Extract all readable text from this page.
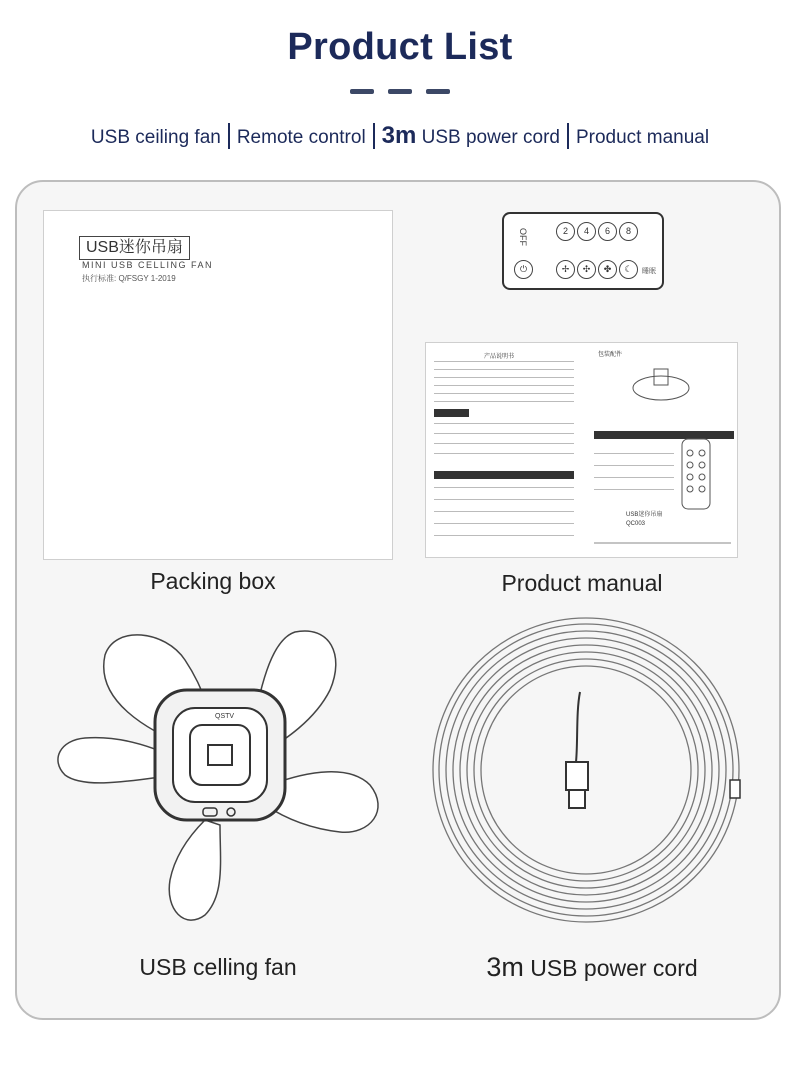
Product List
USB ceiling fan Remote control 3m USB power cord Product manual
USB迷你吊扇
MINI USB CELLING FAN
执行标准: Q/FSGY 1-2019
Packing box
OFF	2	4	6	8
⏻	✢	✣	✤	☾	睡眠
产品说明书	包装配件
USB迷你吊扇
QC003
Product manual
QSTV
USB celling fan	3m USB power cord
